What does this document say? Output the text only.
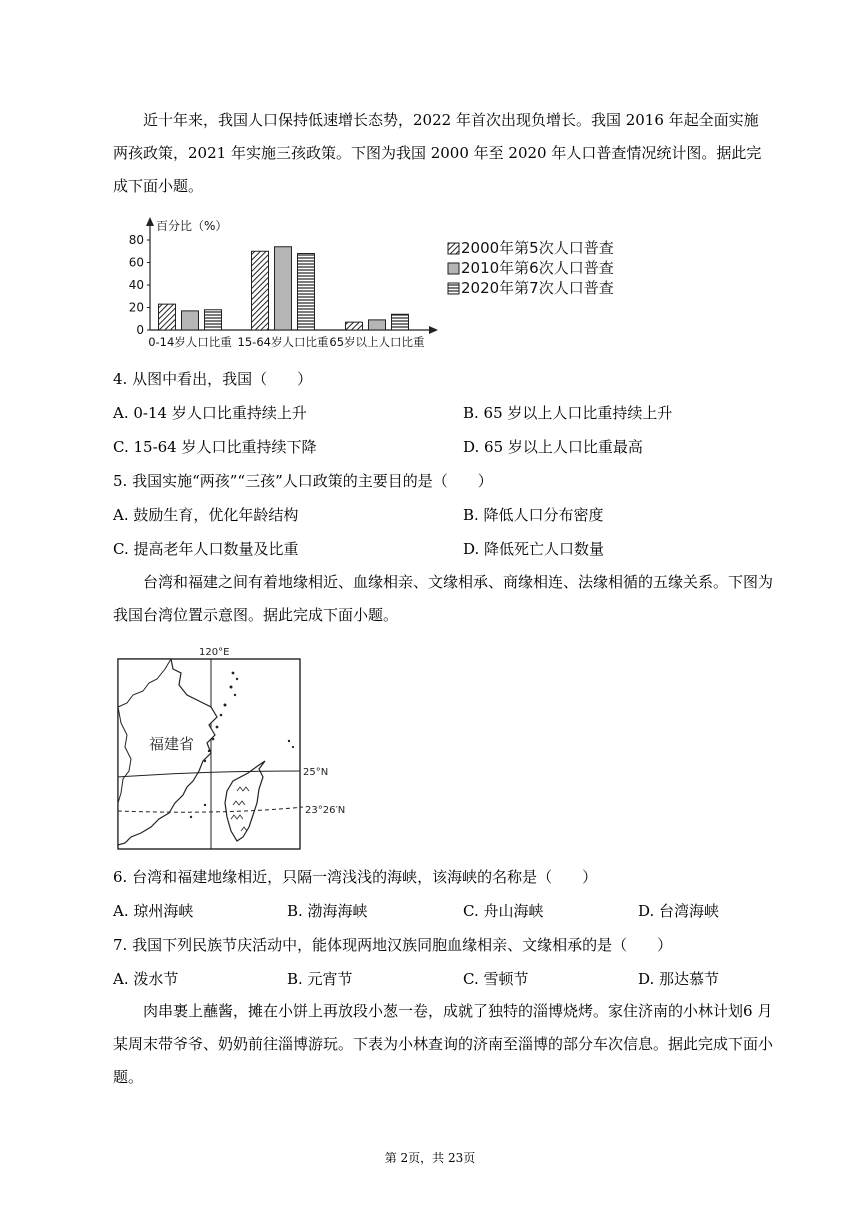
近十年来，我国人口保持低速增长态势，2022 年首次出现负增长。我国 2016 年起全面实施两孩政策，2021 年实施三孩政策。下图为我国 2000 年至 2020 年人口普查情况统计图。据此完成下面小题。
百分比（%）
0
20
40
60
80
0-14岁人口比重 15-64岁人口比重 65岁以上人口比重
2000年第5次人口普查
2010年第6次人口普查
2020年第7次人口普查
4. 从图中看出，我国（　　）
A. 0-14 岁人口比重持续上升	B. 65 岁以上人口比重持续上升
C. 15-64 岁人口比重持续下降	D. 65 岁以上人口比重最高
5. 我国实施“两孩”“三孩”人口政策的主要目的是（　　）
A. 鼓励生育，优化年龄结构	B. 降低人口分布密度
C. 提高老年人口数量及比重	D. 降低死亡人口数量
台湾和福建之间有着地缘相近、血缘相亲、文缘相承、商缘相连、法缘相循的五缘关系。下图为我国台湾位置示意图。据此完成下面小题。
120°E
25°N
23°26′N
福建省
6. 台湾和福建地缘相近，只隔一湾浅浅的海峡，该海峡的名称是（　　）
A. 琼州海峡	B. 渤海海峡	C. 舟山海峡	D. 台湾海峡
7. 我国下列民族节庆活动中，能体现两地汉族同胞血缘相亲、文缘相承的是（　　）
A. 泼水节	B. 元宵节	C. 雪顿节	D. 那达慕节
肉串裹上蘸酱，摊在小饼上再放段小葱一卷，成就了独特的淄博烧烤。家住济南的小林计划6 月某周末带爷爷、奶奶前往淄博游玩。下表为小林查询的济南至淄博的部分车次信息。据此完成下面小题。
第 2页，共 23页
